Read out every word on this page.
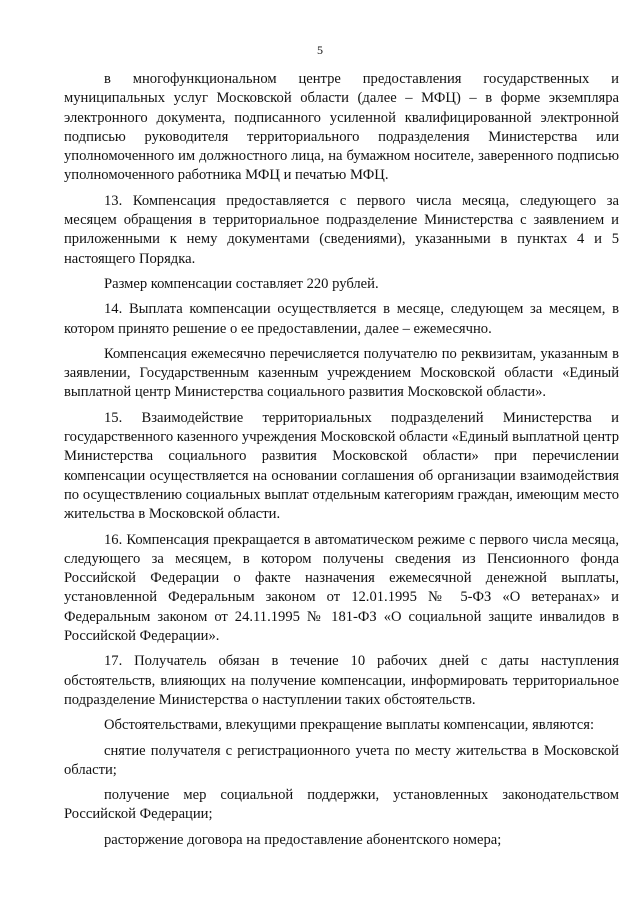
5

в многофункциональном центре предоставления государственных и муниципальных услуг Московской области (далее – МФЦ) – в форме экземпляра электронного документа, подписанного усиленной квалифицированной электронной подписью руководителя территориального подразделения Министерства или уполномоченного им должностного лица, на бумажном носителе, заверенного подписью уполномоченного работника МФЦ и печатью МФЦ.

13. Компенсация предоставляется с первого числа месяца, следующего за месяцем обращения в территориальное подразделение Министерства с заявлением и приложенными к нему документами (сведениями), указанными в пунктах 4 и 5 настоящего Порядка.

Размер компенсации составляет 220 рублей.

14. Выплата компенсации осуществляется в месяце, следующем за месяцем, в котором принято решение о ее предоставлении, далее – ежемесячно.

Компенсация ежемесячно перечисляется получателю по реквизитам, указанным в заявлении, Государственным казенным учреждением Московской области «Единый выплатной центр Министерства социального развития Московской области».

15. Взаимодействие территориальных подразделений Министерства и государственного казенного учреждения Московской области «Единый выплатной центр Министерства социального развития Московской области» при перечислении компенсации осуществляется на основании соглашения об организации взаимодействия по осуществлению социальных выплат отдельным категориям граждан, имеющим место жительства в Московской области.

16. Компенсация прекращается в автоматическом режиме с первого числа месяца, следующего за месяцем, в котором получены сведения из Пенсионного фонда Российской Федерации о факте назначения ежемесячной денежной выплаты, установленной Федеральным законом от 12.01.1995 № 5-ФЗ «О ветеранах» и Федеральным законом от 24.11.1995 № 181-ФЗ «О социальной защите инвалидов в Российской Федерации».

17. Получатель обязан в течение 10 рабочих дней с даты наступления обстоятельств, влияющих на получение компенсации, информировать территориальное подразделение Министерства о наступлении таких обстоятельств.

Обстоятельствами, влекущими прекращение выплаты компенсации, являются:

снятие получателя с регистрационного учета по месту жительства в Московской области;

получение мер социальной поддержки, установленных законодательством Российской Федерации;

расторжение договора на предоставление абонентского номера;
